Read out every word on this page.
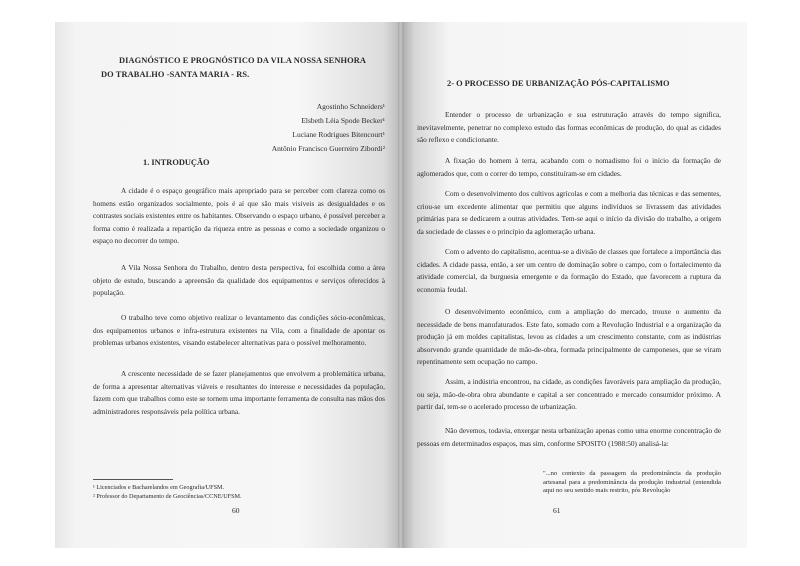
DIAGNÓSTICO E PROGNÓSTICO DA VILA NOSSA SENHORA
DO TRABALHO -SANTA MARIA - RS.
Agostinho Schneiders¹
Elsbeth Léia Spode Becker¹
Luciane Rodrigues Bitencourt¹
Antônio Francisco Guerreiro Zibordi²
1. INTRODUÇÃO
A cidade é o espaço geográfico mais apropriado para se perceber com clareza como os homens estão organizados socialmente, pois é aí que são mais visíveis as desigualdades e os contrastes sociais existentes entre os habitantes. Observando o espaço urbano, é possível perceber a forma como é realizada a repartição da riqueza entre as pessoas e como a sociedade organizou o espaço no decorrer do tempo.
A Vila Nossa Senhora do Trabalho, dentro desta perspectiva, foi escolhida como a área objeto de estudo, buscando a apreensão da qualidade dos equipamentos e serviços oferecidos à população.
O trabalho teve como objetivo realizar o levantamento das condições sócio-econômicas, dos equipamentos urbanos e infra-estrutura existentes na Vila, com a finalidade de apontar os problemas urbanos existentes, visando estabelecer alternativas para o possível melhoramento.
A crescente necessidade de se fazer planejamentos que envolvem a problemática urbana, de forma a apresentar alternativas viáveis e resultantes do interesse e necessidades da população, fazem com que trabalhos como este se tornem uma importante ferramenta de consulta nas mãos dos administradores responsáveis pela política urbana.
¹ Licenciados e Bacharelandos em Geografia/UFSM.
² Professor do Departamento de Geociências/CCNE/UFSM.
60
2- O PROCESSO DE URBANIZAÇÃO PÓS-CAPITALISMO
Entender o processo de urbanização e sua estruturação através do tempo significa, inevitavelmente, penetrar no complexo estudo das formas econômicas de produção, do qual as cidades são reflexo e condicionante.
A fixação do homem à terra, acabando com o nomadismo foi o início da formação de aglomerados que, com o correr do tempo, constituíram-se em cidades.
Com o desenvolvimento dos cultivos agrícolas e com a melhoria das técnicas e das sementes, criou-se um excedente alimentar que permitiu que alguns indivíduos se livrassem das atividades primárias para se dedicarem a outras atividades. Tem-se aqui o início da divisão do trabalho, a origem da sociedade de classes e o princípio da aglomeração urbana.
Com o advento do capitalismo, acentua-se a divisão de classes que fortalece a importância das cidades. A cidade passa, então, a ser um centro de dominação sobre o campo, com o fortalecimento da atividade comercial, da burguesia emergente e da formação do Estado, que favorecem a ruptura da economia feudal.
O desenvolvimento econômico, com a ampliação do mercado, trouxe o aumento da necessidade de bens manufaturados. Este fato, somado com a Revolução Industrial e a organização da produção já em moldes capitalistas, levou as cidades a um crescimento constante, com as indústrias absorvendo grande quantidade de mão-de-obra, formada principalmente de camponeses, que se viram repentinamente sem ocupação no campo.
Assim, a indústria encontrou, na cidade, as condições favoráveis para ampliação da produção, ou seja, mão-de-obra obra abundante e capital a ser concentrado e mercado consumidor próximo. A partir daí, tem-se o acelerado processo de urbanização.
Não devemos, todavia, enxergar nesta urbanização apenas como uma enorme concentração de pessoas em determinados espaços, mas sim, conforme SPOSITO (1988:50) analisá-la:
"...no contexto da passagem da predominância da produção artesanal para a predominância da produção industrial (entendida aqui no seu sentido mais restrito, pós Revolução
61
